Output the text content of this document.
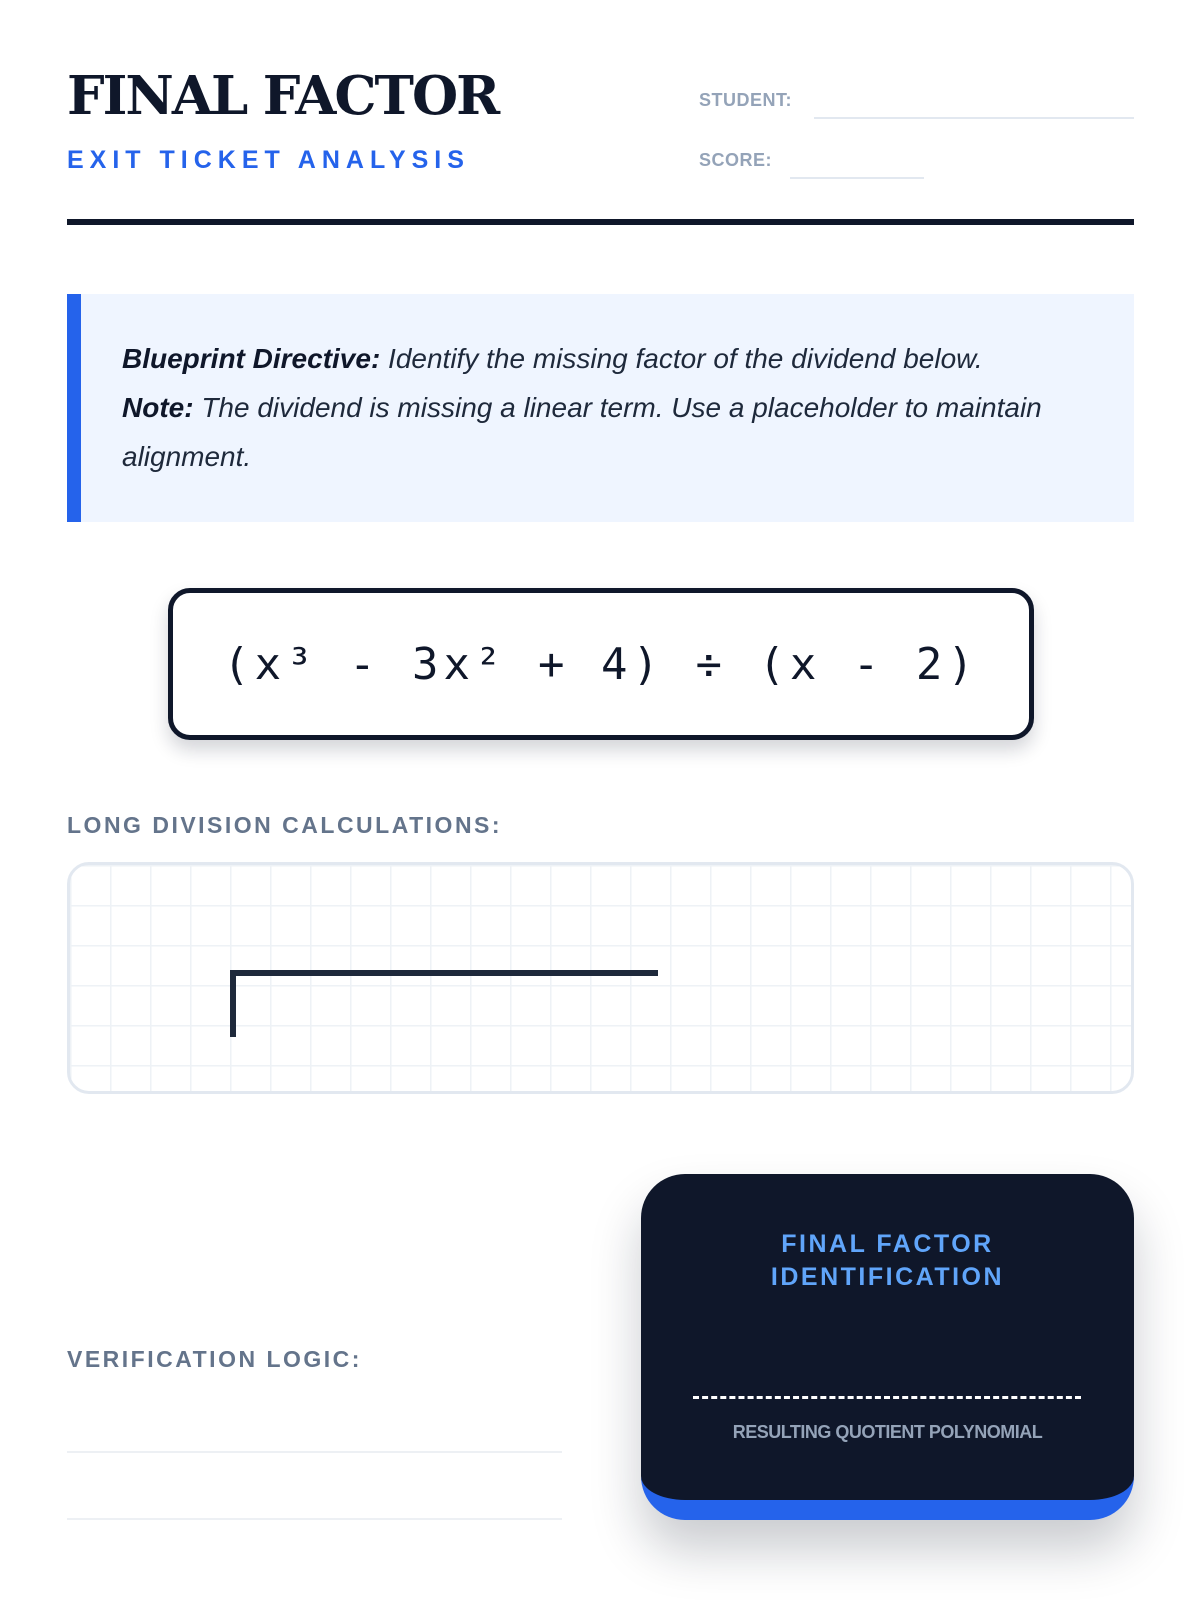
FINAL FACTOR
EXIT TICKET ANALYSIS
STUDENT:
SCORE:

Blueprint Directive: Identify the missing factor of the dividend below.
Note: The dividend is missing a linear term. Use a placeholder to maintain alignment.

(x³ - 3x² + 4) ÷ (x - 2)
LONG DIVISION CALCULATIONS:
VERIFICATION LOGIC:
FINAL FACTOR IDENTIFICATION
RESULTING QUOTIENT POLYNOMIAL
